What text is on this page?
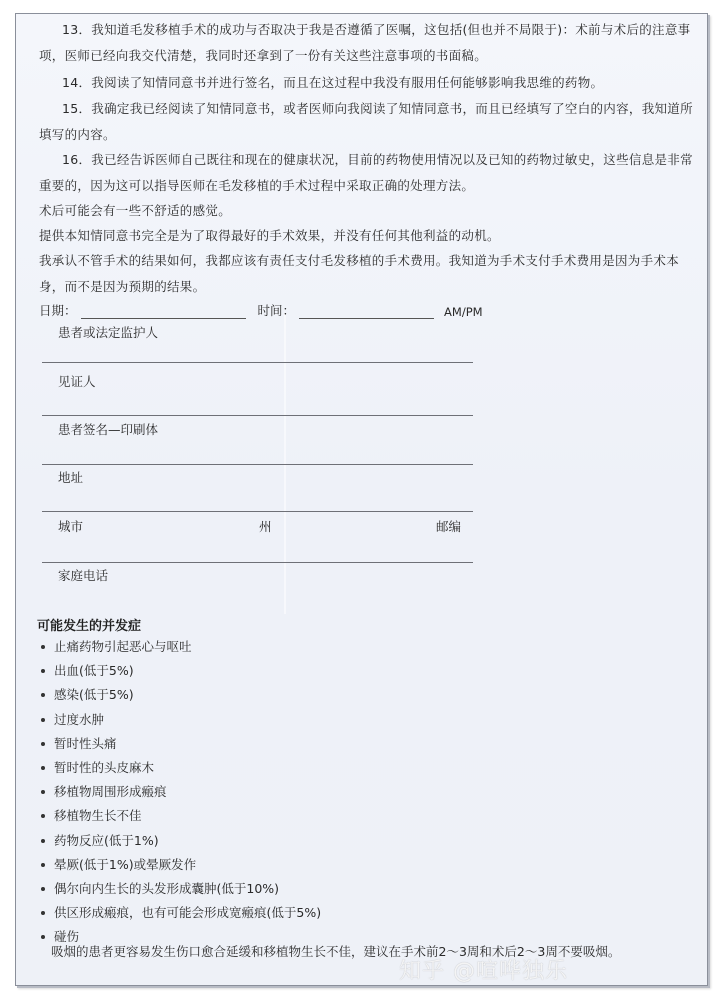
13．我知道毛发移植手术的成功与否取决于我是否遵循了医嘱，这包括(但也并不局限于)：术前与术后的注意事项，医师已经向我交代清楚，我同时还拿到了一份有关这些注意事项的书面稿。
14．我阅读了知情同意书并进行签名，而且在这过程中我没有服用任何能够影响我思维的药物。
15．我确定我已经阅读了知情同意书，或者医师向我阅读了知情同意书，而且已经填写了空白的内容，我知道所填写的内容。
16．我已经告诉医师自己既往和现在的健康状况，目前的药物使用情况以及已知的药物过敏史，这些信息是非常重要的，因为这可以指导医师在毛发移植的手术过程中采取正确的处理方法。
术后可能会有一些不舒适的感觉。
提供本知情同意书完全是为了取得最好的手术效果，并没有任何其他利益的动机。
我承认不管手术的结果如何，我都应该有责任支付毛发移植的手术费用。我知道为手术支付手术费用是因为手术本身，而不是因为预期的结果。
日期：	时间：	AM/PM
患者或法定监护人
见证人
患者签名—印刷体
地址
城市	州	邮编
家庭电话
可能发生的并发症
止痛药物引起恶心与呕吐
出血(低于5%)
感染(低于5%)
过度水肿
暂时性头痛
暂时性的头皮麻木
移植物周围形成瘢痕
移植物生长不佳
药物反应(低于1%)
晕厥(低于1%)或晕厥发作
偶尔向内生长的头发形成囊肿(低于10%)
供区形成瘢痕，也有可能会形成宽瘢痕(低于5%)
碰伤
吸烟的患者更容易发生伤口愈合延缓和移植物生长不佳，建议在手术前2～3周和术后2～3周不要吸烟。
知乎 @喧哗独乐
